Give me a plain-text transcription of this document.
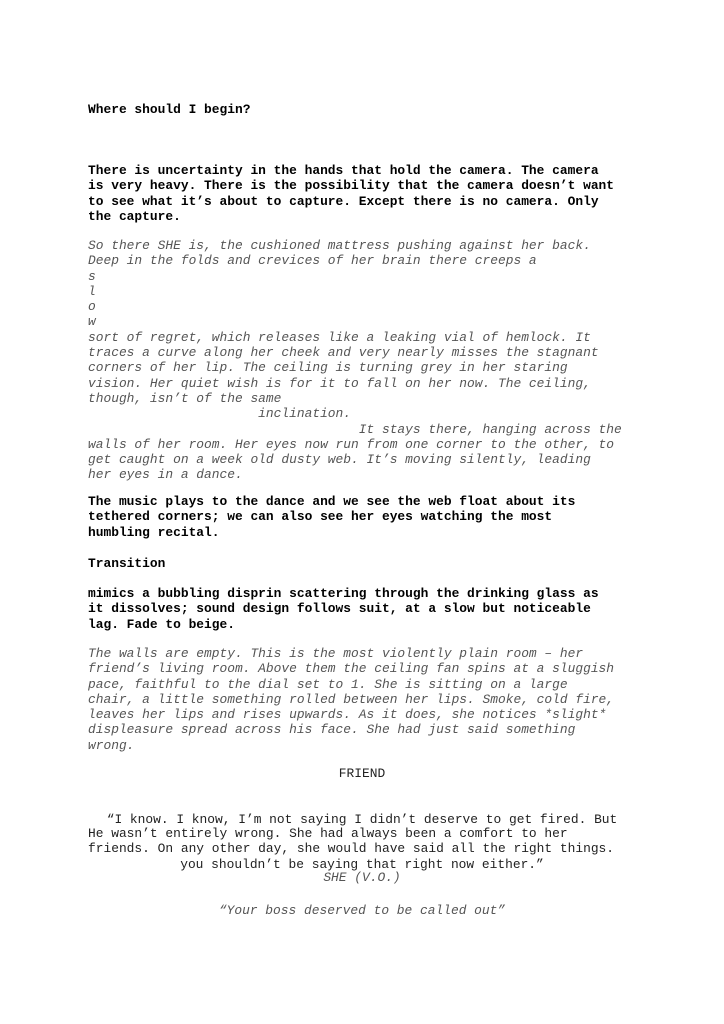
Where should I begin?

There is uncertainty in the hands that hold the camera. The camera
is very heavy. There is the possibility that the camera doesn’t want
to see what it’s about to capture. Except there is no camera. Only
the capture.

So there SHE is, the cushioned mattress pushing against her back.
Deep in the folds and crevices of her brain there creeps a
s
l
o
w
sort of regret, which releases like a leaking vial of hemlock. It
traces a curve along her cheek and very nearly misses the stagnant
corners of her lip. The ceiling is turning grey in her staring
vision. Her quiet wish is for it to fall on her now. The ceiling,
though, isn’t of the same
inclination.
It stays there, hanging across the
walls of her room. Her eyes now run from one corner to the other, to
get caught on a week old dusty web. It’s moving silently, leading
her eyes in a dance.

The music plays to the dance and we see the web float about its
tethered corners; we can also see her eyes watching the most
humbling recital.

Transition

mimics a bubbling disprin scattering through the drinking glass as
it dissolves; sound design follows suit, at a slow but noticeable
lag. Fade to beige.

The walls are empty. This is the most violently plain room – her
friend’s living room. Above them the ceiling fan spins at a sluggish
pace, faithful to the dial set to 1. She is sitting on a large
chair, a little something rolled between her lips. Smoke, cold fire,
leaves her lips and rises upwards. As it does, she notices *slight*
displeasure spread across his face. She had just said something
wrong.

FRIEND

“I know. I know, I’m not saying I didn’t deserve to get fired. But

you shouldn’t be saying that right now either.”

He wasn’t entirely wrong. She had always been a comfort to her
friends. On any other day, she would have said all the right things.

SHE (V.O.)

“Your boss deserved to be called out”
